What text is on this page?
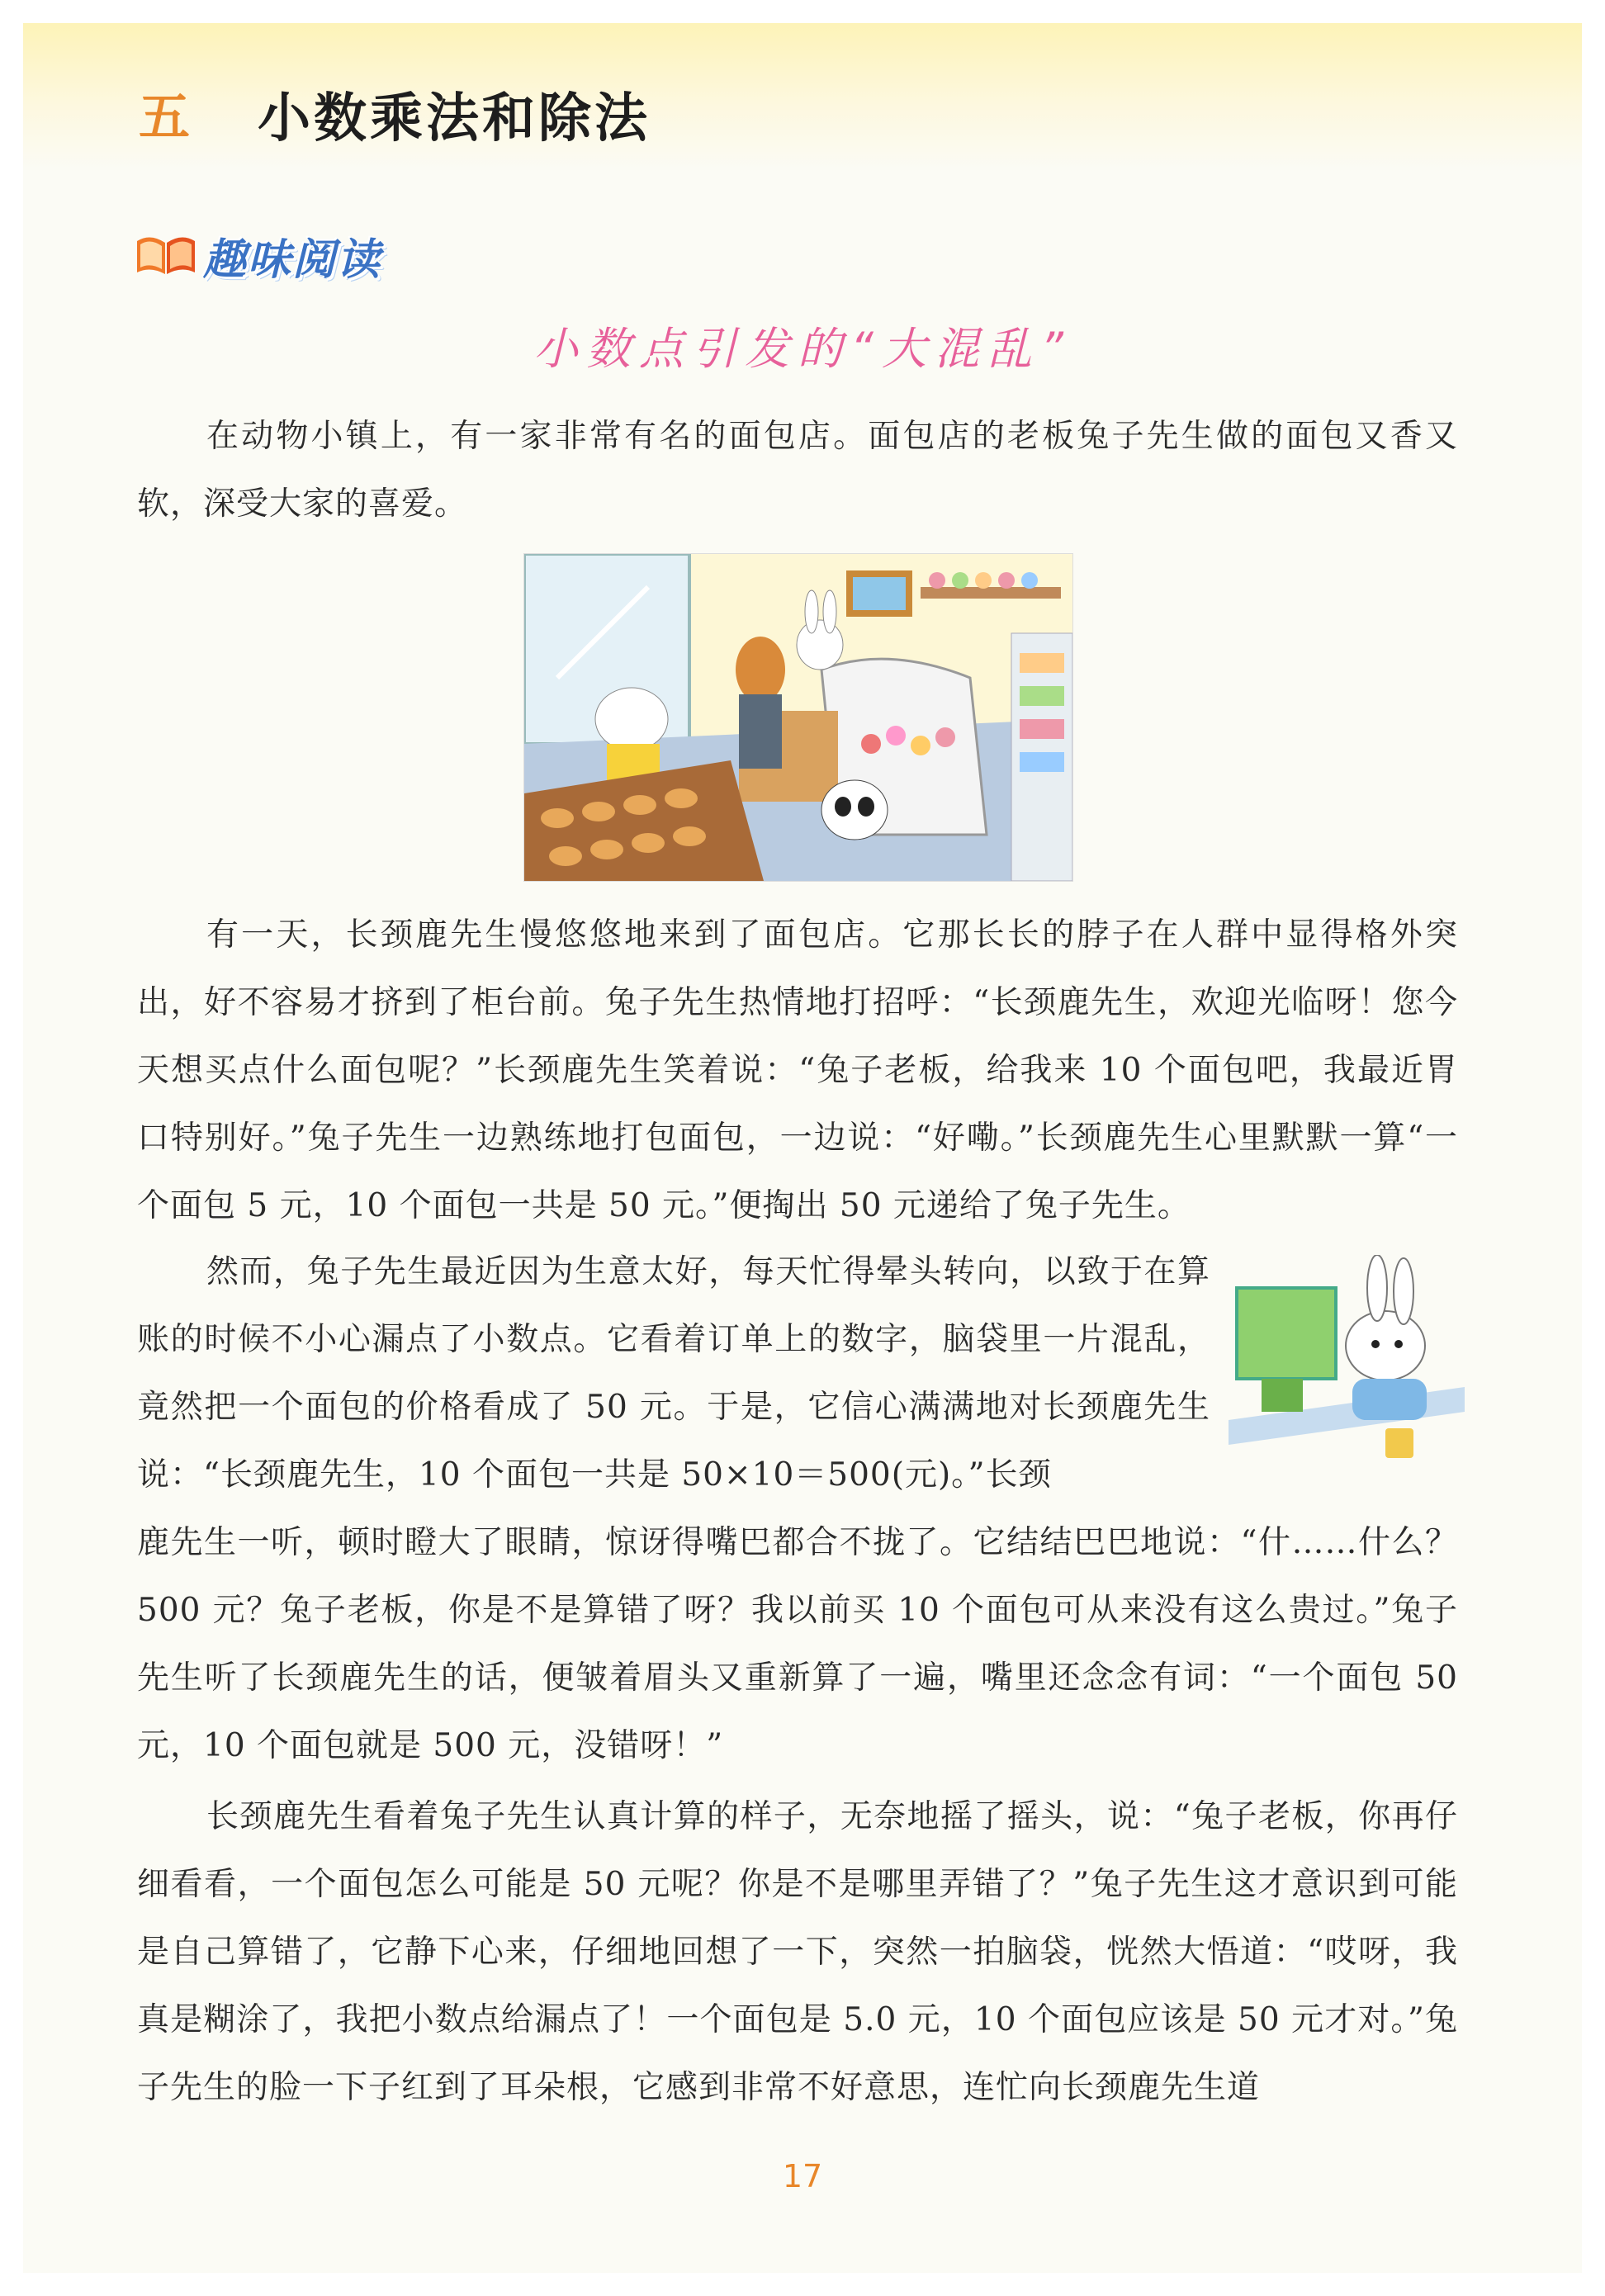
五 小数乘法和除法
趣味阅读
小数点引发的“大混乱”

在动物小镇上，有一家非常有名的面包店。面包店的老板兔子先生做的面包又香又软，深受大家的喜爱。

有一天，长颈鹿先生慢悠悠地来到了面包店。它那长长的脖子在人群中显得格外突出，好不容易才挤到了柜台前。兔子先生热情地打招呼：“长颈鹿先生，欢迎光临呀！您今天想买点什么面包呢？”长颈鹿先生笑着说：“兔子老板，给我来 10 个面包吧，我最近胃口特别好。”兔子先生一边熟练地打包面包，一边说：“好嘞。”长颈鹿先生心里默默一算“一个面包 5 元，10 个面包一共是 50 元。”便掏出 50 元递给了兔子先生。

然而，兔子先生最近因为生意太好，每天忙得晕头转向，以致于在算账的时候不小心漏点了小数点。它看着订单上的数字，脑袋里一片混乱，竟然把一个面包的价格看成了 50 元。于是，它信心满满地对长颈鹿先生说：“长颈鹿先生，10 个面包一共是 50×10＝500(元)。”长颈

鹿先生一听，顿时瞪大了眼睛，惊讶得嘴巴都合不拢了。它结结巴巴地说：“什……什么？500 元？兔子老板，你是不是算错了呀？我以前买 10 个面包可从来没有这么贵过。”兔子先生听了长颈鹿先生的话，便皱着眉头又重新算了一遍，嘴里还念念有词：“一个面包 50 元，10 个面包就是 500 元，没错呀！”

长颈鹿先生看着兔子先生认真计算的样子，无奈地摇了摇头，说：“兔子老板，你再仔细看看，一个面包怎么可能是 50 元呢？你是不是哪里弄错了？”兔子先生这才意识到可能是自己算错了，它静下心来，仔细地回想了一下，突然一拍脑袋，恍然大悟道：“哎呀，我真是糊涂了，我把小数点给漏点了！一个面包是 5.0 元，10 个面包应该是 50 元才对。”兔子先生的脸一下子红到了耳朵根，它感到非常不好意思，连忙向长颈鹿先生道

17
